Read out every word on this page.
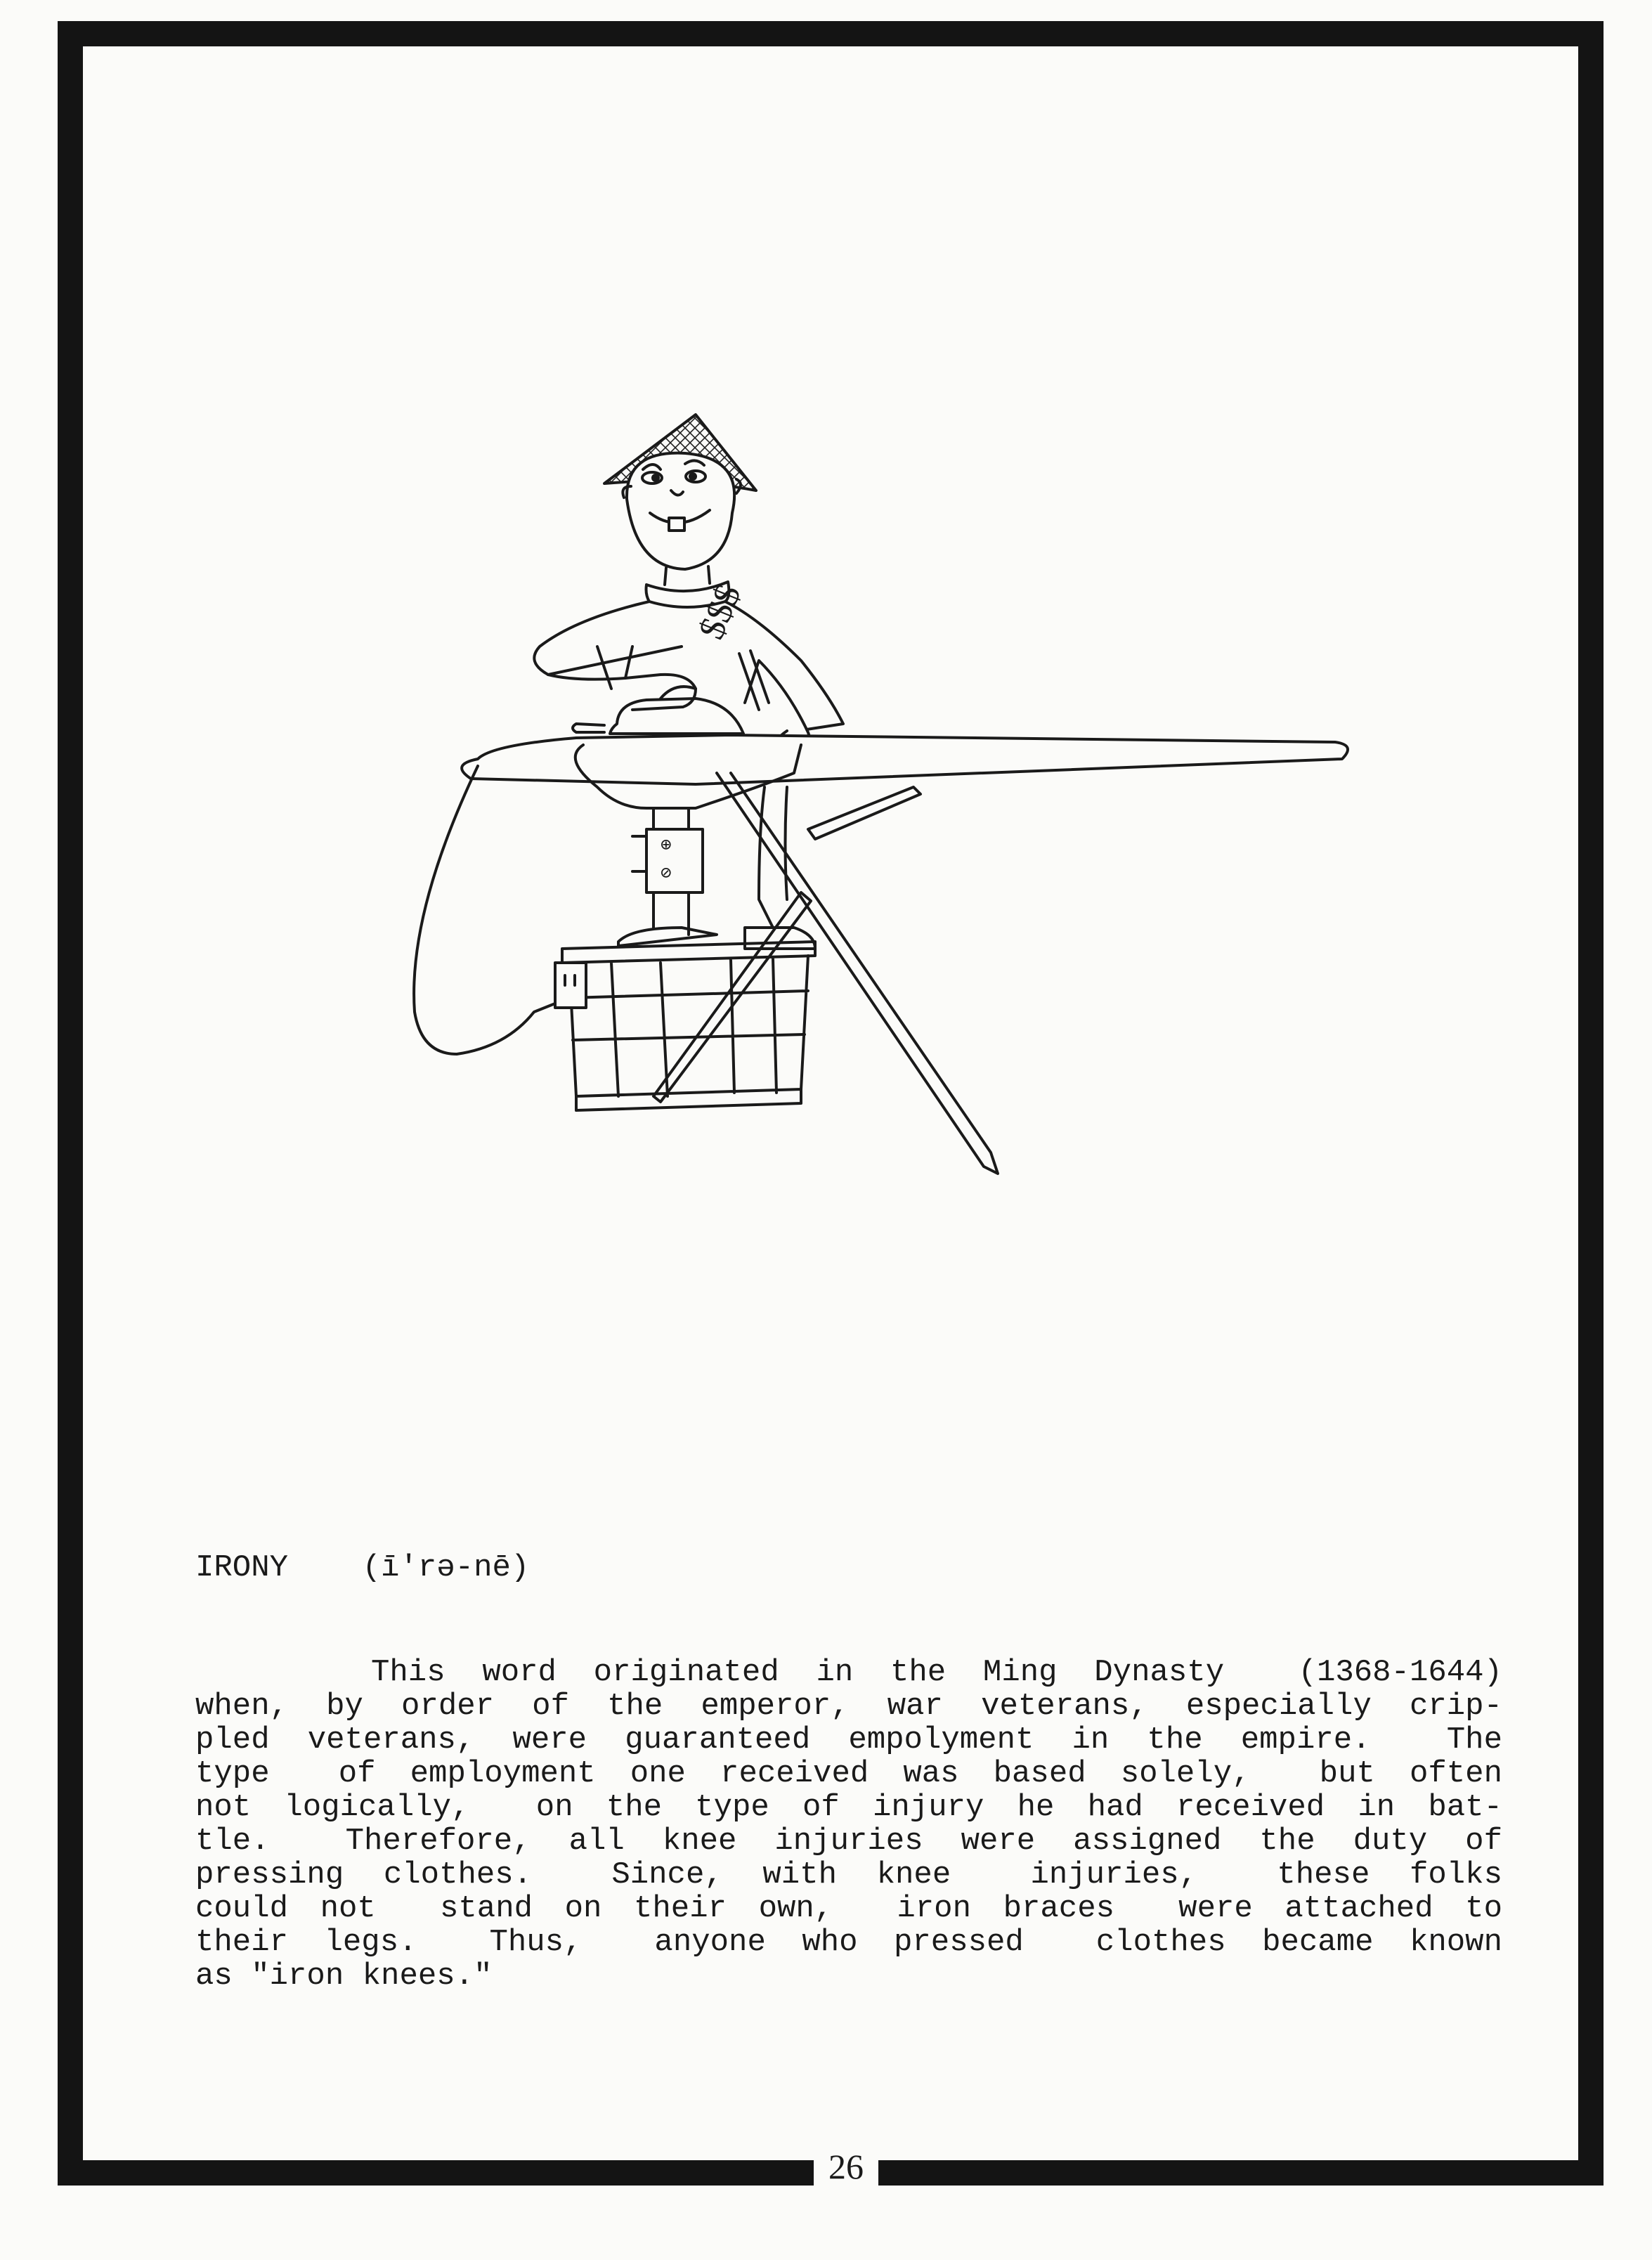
26
$$$
⊕
⊘
IRONY (ī′rə-nē)
This word originated in the Ming Dynasty  (1368-1644)
when, by order of the emperor, war veterans, especially crip-
pled veterans, were guaranteed empolyment in the empire.  The
type  of employment one received was based solely,  but often
not logically,  on the type of injury he had received in bat-
tle.  Therefore, all knee injuries were assigned the duty of
pressing clothes.  Since, with knee  injuries,  these folks
could not  stand on their own,  iron braces  were attached to
their legs.  Thus,  anyone who pressed  clothes became known
as "iron knees."
